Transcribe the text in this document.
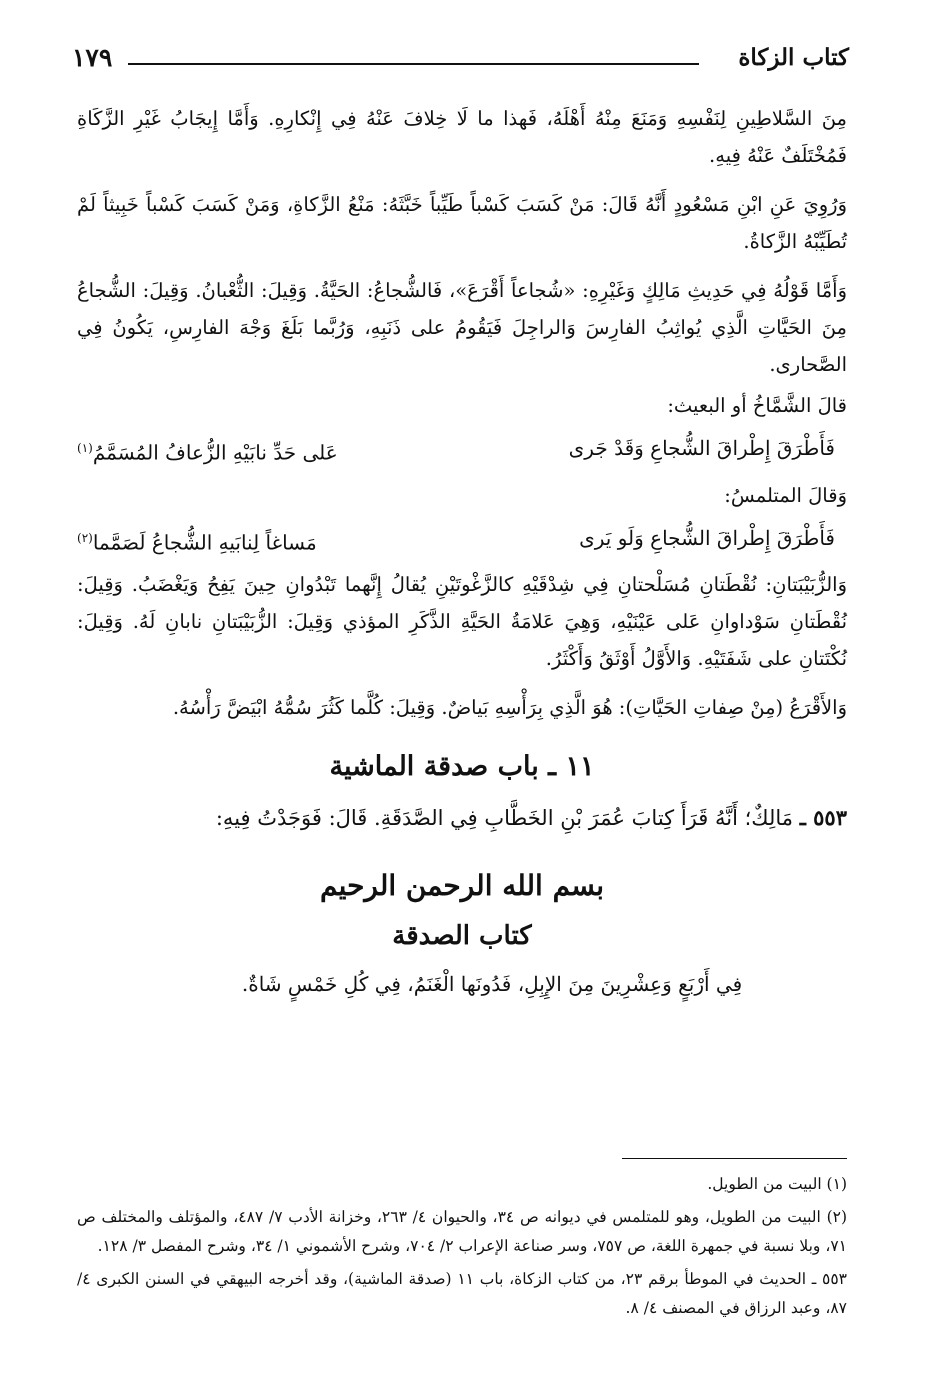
كتاب الزكاة
١٧٩

مِنَ السَّلاطِينِ لِنَفْسِهِ وَمَنَعَ مِنْهُ أَهْلَهُ، فَهذا ما لَا خِلافَ عَنْهُ فِي إِنْكارِهِ. وَأَمَّا إِيجَابُ غَيْرِ الزَّكَاةِ فَمُخْتَلَفٌ عَنْهُ فِيهِ.

وَرُوِيَ عَنِ ابْنِ مَسْعُودٍ أَنَّهُ قَالَ: مَنْ كَسَبَ كَسْباً طَيِّباً خَبَّثَهُ: مَنْعُ الزَّكاةِ، وَمَنْ كَسَبَ كَسْباً خَبِيثاً لَمْ تُطَيِّبْهُ الزَّكاةُ.

وَأَمَّا قَوْلُهُ فِي حَدِيثِ مَالِكٍ وَغَيْرِهِ: «شُجاعاً أَقْرَعَ»، فَالشُّجاعُ: الحَيَّةُ. وَقِيلَ: الثُّعْبانُ. وَقِيلَ: الشُّجاعُ مِنَ الحَيَّاتِ الَّذِي يُواثِبُ الفارِسَ وَالراجِلَ فَيَقُومُ على ذَنَبِهِ، وَرُبَّما بَلَغَ وَجْهَ الفارِسِ، يَكُونُ فِي الصَّحارى.

قالَ الشَّمَّاخُ أو البعيث:

فَأَطْرَقَ إِطْراقَ الشُّجاعِ وَقَدْ جَرى
عَلى حَدِّ نابَيْهِ الزُّعافُ المُسَمَّمُ$^{(١)}$

وَقالَ المتلمسُ:

فَأَطْرَقَ إِطْراقَ الشُّجاعِ وَلَو يَرى
مَساغاً لِنابَيهِ الشُّجاعُ لَصَمَّما$^{(٢)}$

وَالزُّبَيْبَتانِ: نُقْطَتانِ مُسَلْحتانِ فِي شِدْقَيْهِ كالزَّغْوتَيْنِ يُقالُ إِنَّهما تَبْدُوانِ حِينَ يَفِحُ وَيَغْضَبُ. وَقِيلَ: نُقْطَتانِ سَوْداوانِ عَلى عَيْنَيْهِ، وَهِيَ عَلامَةُ الحَيَّةِ الذَّكَرِ المؤذي وَقِيلَ: الزُّبَيْبَتانِ نابانِ لَهُ. وَقِيلَ: نُكْتَتانِ على شَفَتَيْهِ. وَالأَوَّلُ أَوْثَقُ وَأَكْثَرُ.

وَالأَقْرَعُ (مِنْ صِفاتِ الحَيَّاتِ): هُوَ الَّذِي بِرَأْسِهِ بَياضٌ. وَقِيلَ: كُلَّما كَثُرَ سُمُّهُ ابْيَضَّ رَأْسُهُ.

١١ ـ باب صدقة الماشية

٥٥٣ ـ مَالِكٌ؛ أَنَّهُ قَرَأَ كِتابَ عُمَرَ بْنِ الخَطَّابِ فِي الصَّدَقَةِ. قَالَ: فَوَجَدْتُ فِيهِ:

بسم الله الرحمن الرحيم
كتاب الصدقة
فِي أَرْبَعٍ وَعِشْرِينَ مِنَ الإِبِلِ، فَدُونَها الْغَنَمُ، فِي كُلِ خَمْسٍ شَاةٌ.

(١) البيت من الطويل.

(٢) البيت من الطويل، وهو للمتلمس في ديوانه ص ٣٤، والحيوان ٤/ ٢٦٣، وخزانة الأدب ٧/ ٤٨٧، والمؤتلف والمختلف ص ٧١، وبلا نسبة في جمهرة اللغة، ص ٧٥٧، وسر صناعة الإعراب ٢/ ٧٠٤، وشرح الأشموني ١/ ٣٤، وشرح المفصل ٣/ ١٢٨.

٥٥٣ ـ الحديث في الموطأ برقم ٢٣، من كتاب الزكاة، باب ١١ (صدقة الماشية)، وقد أخرجه البيهقي في السنن الكبرى ٤/ ٨٧، وعبد الرزاق في المصنف ٤/ ٨.
